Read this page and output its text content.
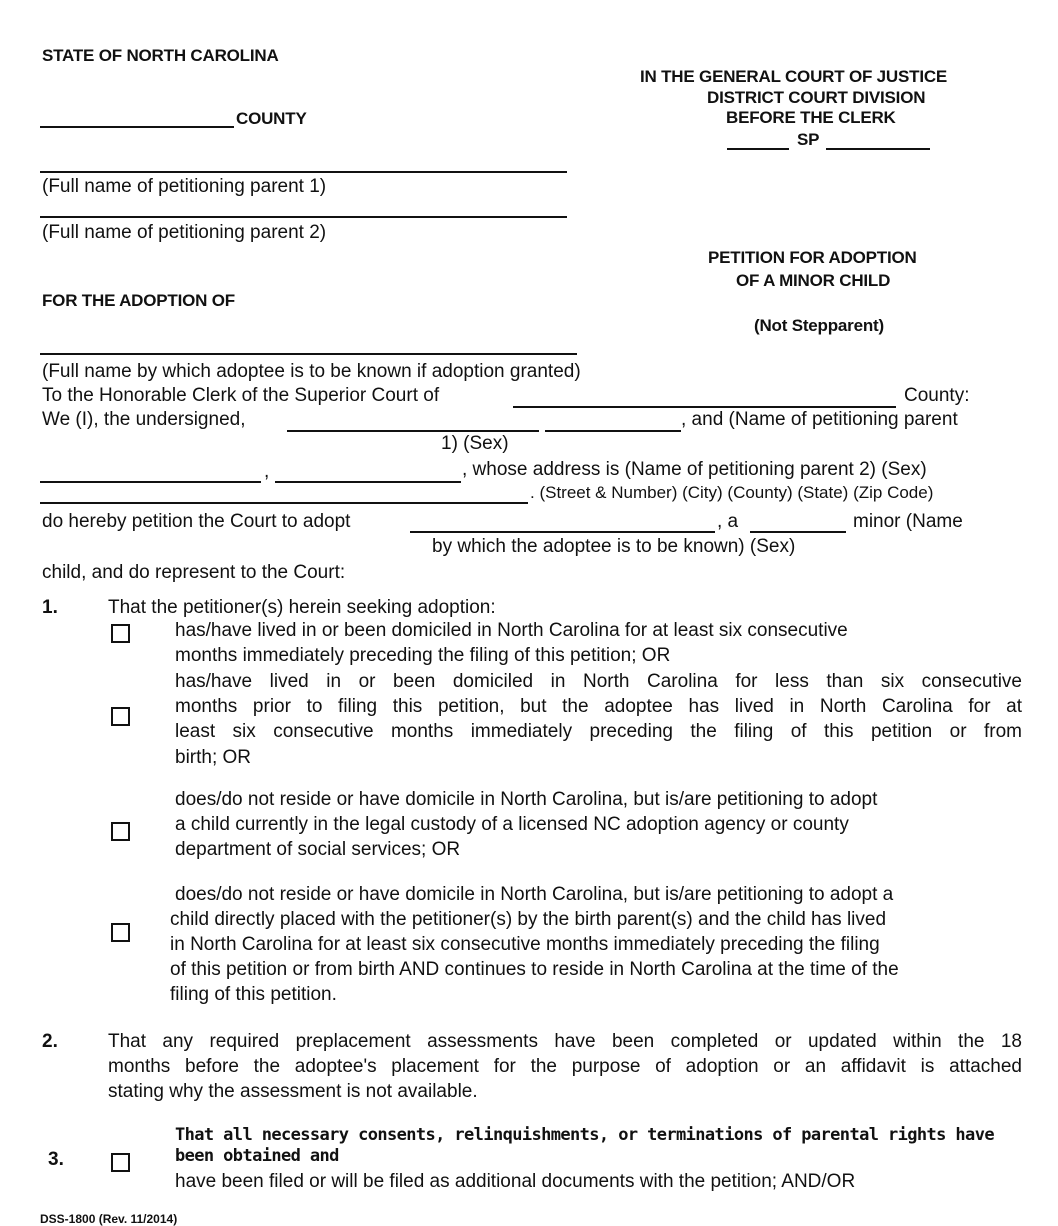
STATE OF NORTH CAROLINA
COUNTY
IN THE GENERAL COURT OF JUSTICE
DISTRICT COURT DIVISION
BEFORE THE CLERK
SP
(Full name of petitioning parent 1)
(Full name of petitioning parent 2)
PETITION FOR ADOPTION
OF A MINOR CHILD
FOR THE ADOPTION OF
(Not Stepparent)
(Full name by which adoptee is to be known if adoption granted)
To the Honorable Clerk of the Superior Court of	County:
We (I), the undersigned,	, and (Name of petitioning parent
1) (Sex)
,	, whose address is (Name of petitioning parent 2) (Sex)
. (Street & Number) (City) (County) (State) (Zip Code)
do hereby petition the Court to adopt	, a	minor (Name
by which the adoptee is to be known) (Sex)
child, and do represent to the Court:
1.	That the petitioner(s) herein seeking adoption:
has/have lived in or been domiciled in North Carolina for at least six consecutive
months immediately preceding the filing of this petition; OR
has/have lived in or been domiciled in North Carolina for less than six consecutive
months prior to filing this petition, but the adoptee has lived in North Carolina for at
least six consecutive months immediately preceding the filing of this petition or from
birth; OR
does/do not reside or have domicile in North Carolina, but is/are petitioning to adopt
a child currently in the legal custody of a licensed NC adoption agency or county
department of social services; OR
does/do not reside or have domicile in North Carolina, but is/are petitioning to adopt a
child directly placed with the petitioner(s) by the birth parent(s) and the child has lived
in North Carolina for at least six consecutive months immediately preceding the filing
of this petition or from birth AND continues to reside in North Carolina at the time of the
filing of this petition.
2.	That any required preplacement assessments have been completed or updated within the 18
months before the adoptee's placement for the purpose of adoption or an affidavit is attached
stating why the assessment is not available.
3.
That all necessary consents, relinquishments, or terminations of parental rights have
been obtained and
have been filed or will be filed as additional documents with the petition; AND/OR
DSS-1800 (Rev. 11/2014)
